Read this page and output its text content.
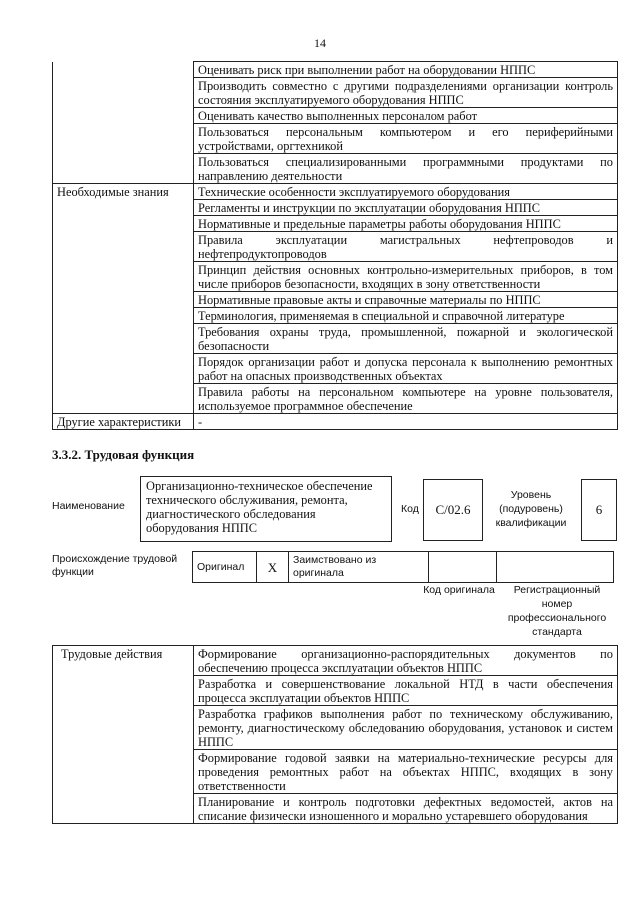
14
	Оценивать риск при выполнении работ на оборудовании НППС
	Производить совместно с другими подразделениями организации контроль состояния эксплуатируемого оборудования НППС
	Оценивать качество выполненных персоналом работ
	Пользоваться персональным компьютером и его периферийными устройствами, оргтехникой
	Пользоваться специализированными программными продуктами по направлению деятельности
Необходимые знания	Технические особенности эксплуатируемого оборудования
	Регламенты и инструкции по эксплуатации оборудования НППС
	Нормативные и предельные параметры работы оборудования НППС
	Правила эксплуатации магистральных нефтепроводов и нефтепродуктопроводов
	Принцип действия основных контрольно-измерительных приборов, в том числе приборов безопасности, входящих в зону ответственности
	Нормативные правовые акты и справочные материалы по НППС
	Терминология, применяемая в специальной и справочной литературе
	Требования охраны труда, промышленной, пожарной и экологической безопасности
	Порядок организации работ и допуска персонала к выполнению ремонтных работ на опасных производственных объектах
	Правила работы на персональном компьютере на уровне пользователя, используемое программное обеспечение
Другие характеристики	-
3.3.2. Трудовая функция
Наименование
Организационно-техническое обеспечение технического обслуживания, ремонта, диагностического обследования оборудования НППС
Код	С/02.6
Уровень (подуровень) квалификации
6
Происхождение трудовой функции	Оригинал	X	Заимствовано из оригинала		
Код оригинала	Регистрационный номер профессионального стандарта
Трудовые действия	Формирование организационно-распорядительных документов по обеспечению процесса эксплуатации объектов НППС
	Разработка и совершенствование локальной НТД в части обеспечения процесса эксплуатации объектов НППС
	Разработка графиков выполнения работ по техническому обслуживанию, ремонту, диагностическому обследованию оборудования, установок и систем НППС
	Формирование годовой заявки на материально-технические ресурсы для проведения ремонтных работ на объектах НППС, входящих в зону ответственности
	Планирование и контроль подготовки дефектных ведомостей, актов на списание физически изношенного и морально устаревшего оборудования
